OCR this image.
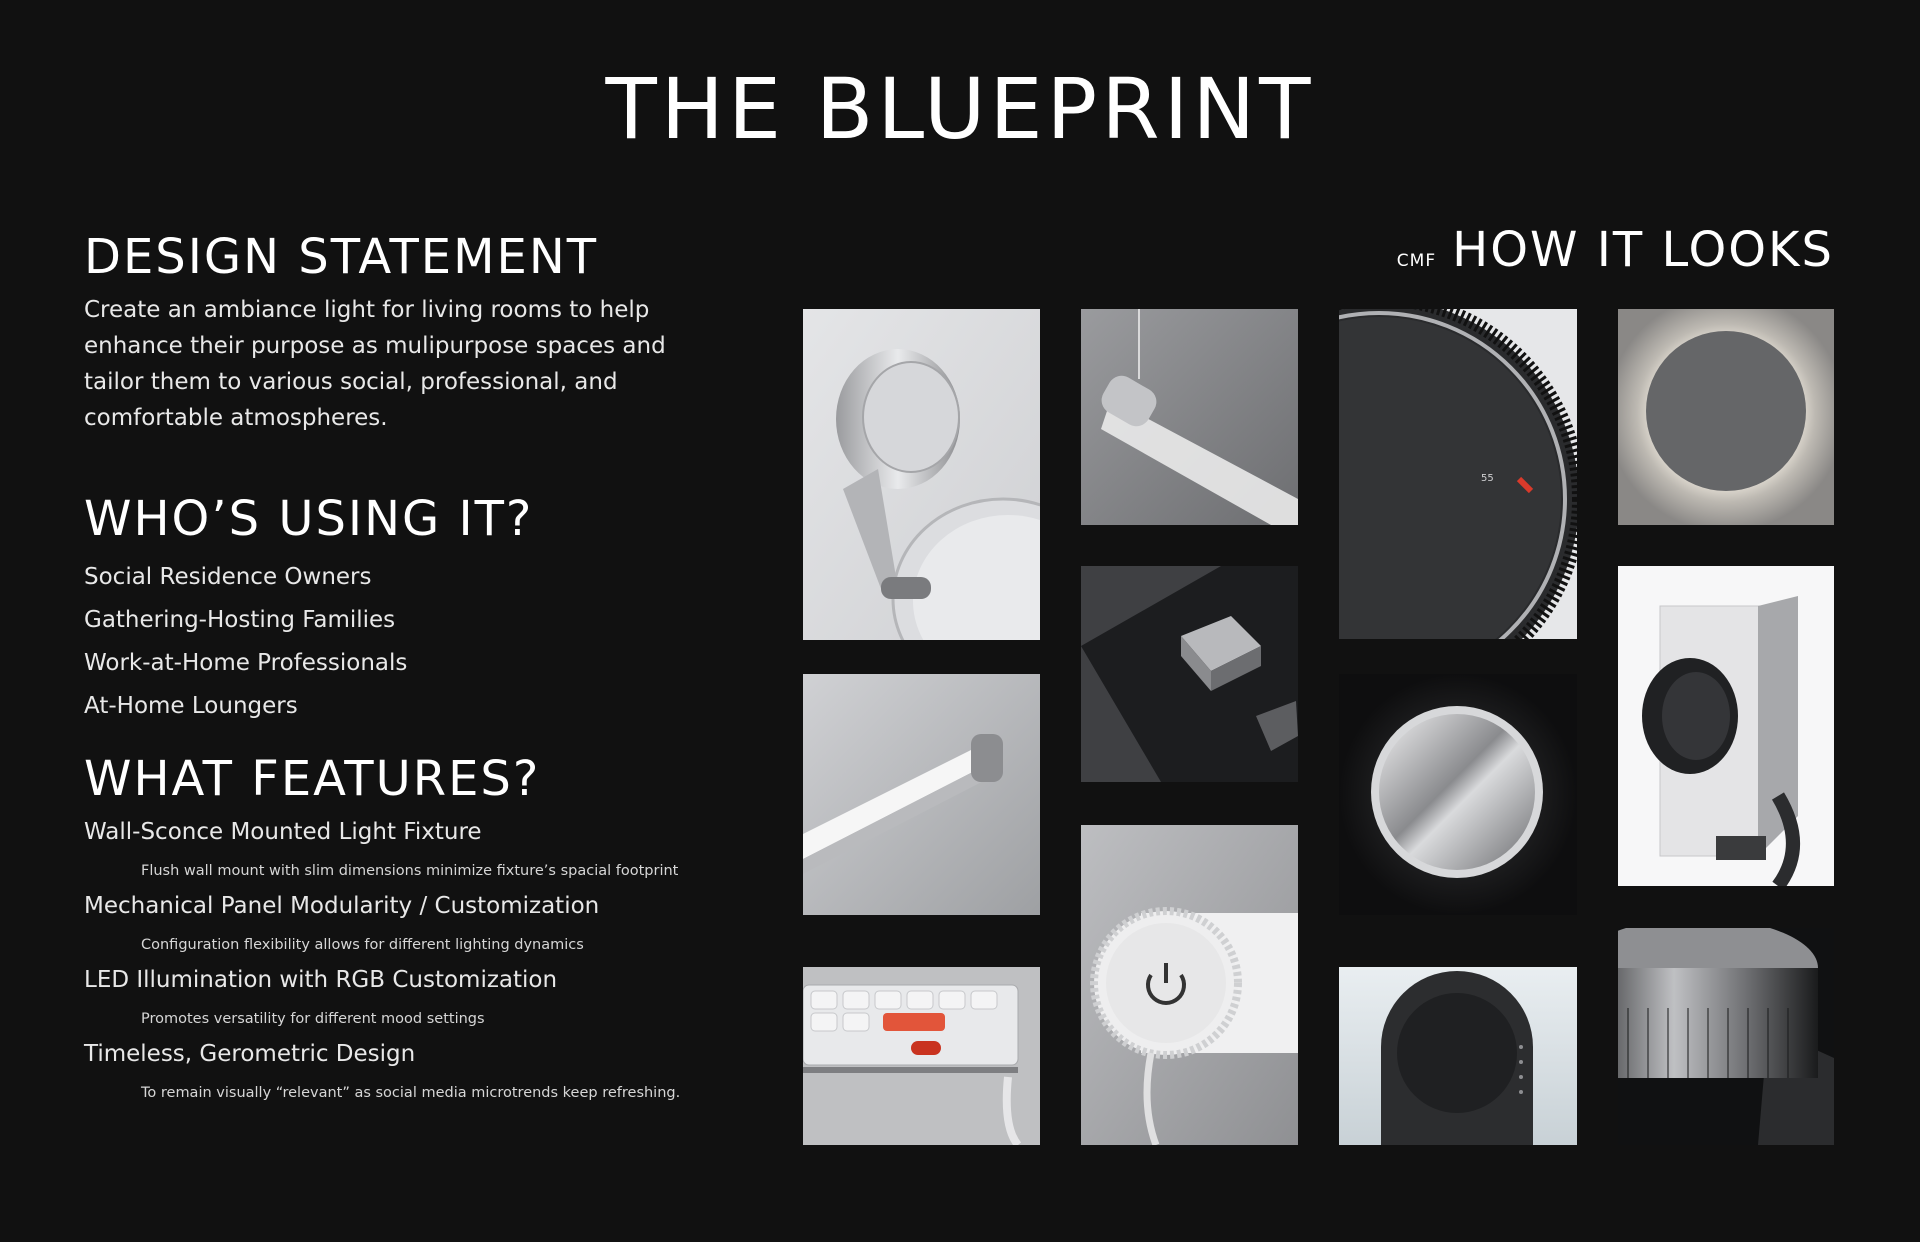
THE BLUEPRINT
DESIGN STATEMENT
Create an ambiance light for living rooms to help enhance their purpose as mulipurpose spaces and tailor them to various social, professional, and comfortable atmospheres.
WHO’S USING IT?
Social Residence Owners
Gathering-Hosting Families
Work-at-Home Professionals
At-Home Loungers
WHAT FEATURES?
Wall-Sconce Mounted Light Fixture
Flush wall mount with slim dimensions minimize fixture’s spacial footprint
Mechanical Panel Modularity / Customization
Configuration flexibility allows for different lighting dynamics
LED Illumination with RGB Customization
Promotes versatility for different mood settings
Timeless, Gerometric Design
To remain visually “relevant” as social media microtrends keep refreshing.
CMF HOW IT LOOKS
55
